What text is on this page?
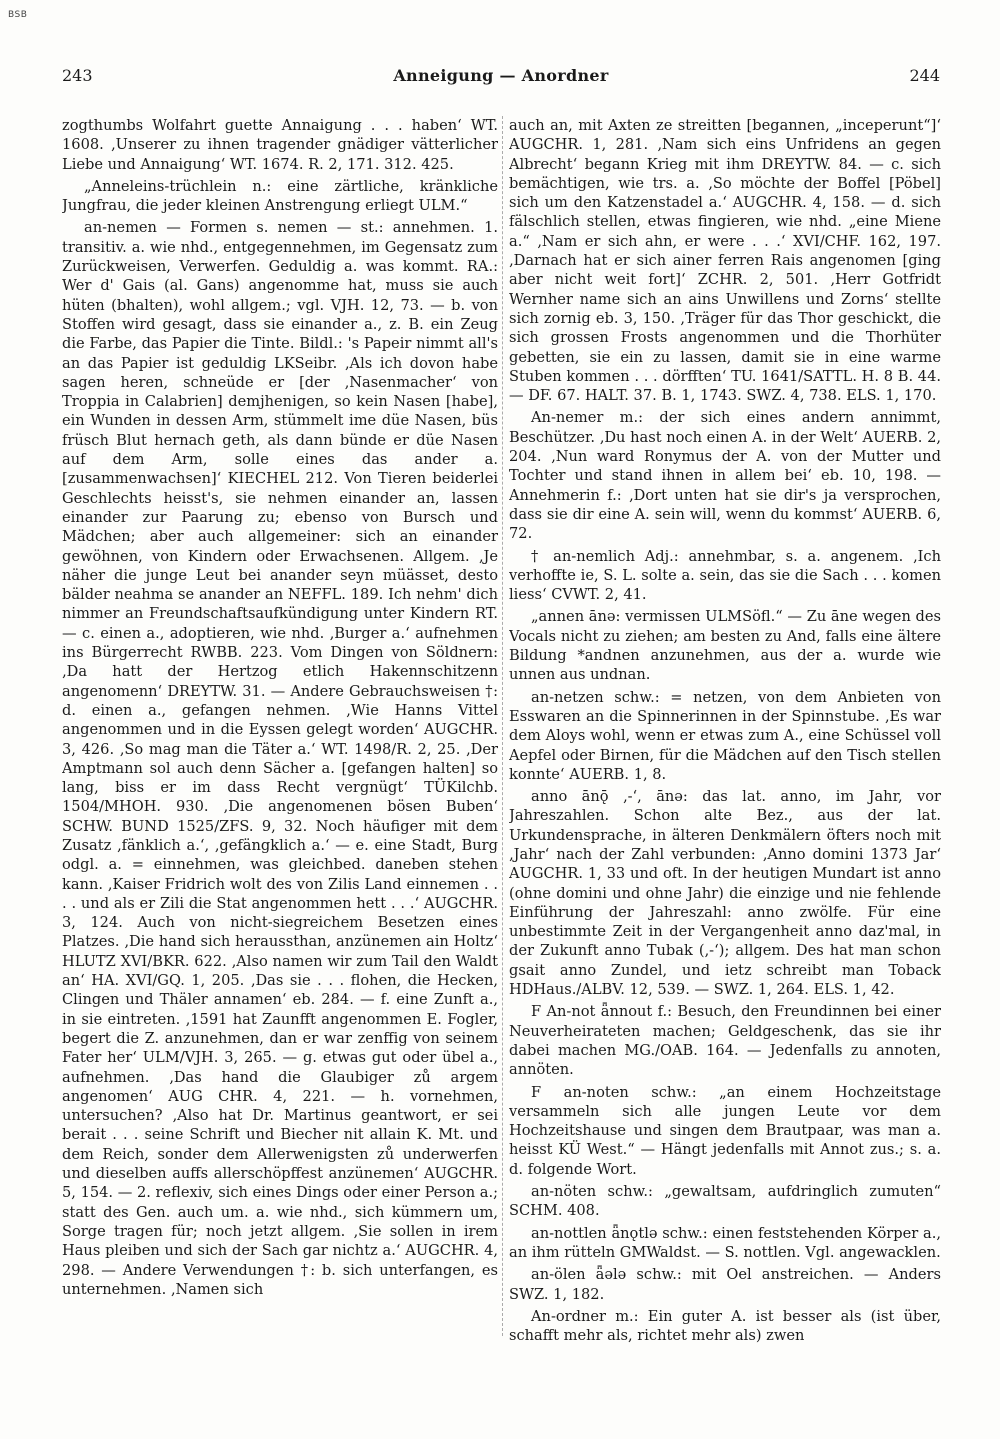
BSB
243	Anneigung — Anordner	244

zogthumbs Wolfahrt guette Annaigung . . . haben‘ WT. 1608. ‚Unserer zu ihnen tragender gnädiger vätterlicher Liebe und Annaigung‘ WT. 1674. R. 2, 171. 312. 425.

„Anneleins-trüchlein n.: eine zärtliche, kränkliche Jungfrau, die jeder kleinen Anstrengung erliegt ULM.“

an-nemen — Formen s. nemen — st.: annehmen. 1. transitiv. a. wie nhd., entgegennehmen, im Gegensatz zum Zurückweisen, Verwerfen. Geduldig a. was kommt. RA.: Wer d' Gais (al. Gans) angenomme hat, muss sie auch hüten (bhalten), wohl allgem.; vgl. VJH. 12, 73. — b. von Stoffen wird gesagt, dass sie einander a., z. B. ein Zeug die Farbe, das Papier die Tinte. Bildl.: 's Papeir nimmt all's an das Papier ist geduldig LKSeibr. ‚Als ich dovon habe sagen heren, schneüde er [der ‚Nasenmacher‘ von Troppia in Calabrien] demjhenigen, so kein Nasen [habe], ein Wunden in dessen Arm, stümmelt ime düe Nasen, büs früsch Blut hernach geth, als dann bünde er düe Nasen auf dem Arm, solle eines das ander a. [zusammenwachsen]‘ KIECHEL 212. Von Tieren beiderlei Geschlechts heisst's, sie nehmen einander an, lassen einander zur Paarung zu; ebenso von Bursch und Mädchen; aber auch allgemeiner: sich an einander gewöhnen, von Kindern oder Erwachsenen. Allgem. ‚Je näher die junge Leut bei anander seyn müässet, desto bälder neahma se anander an NEFFL. 189. Ich nehm' dich nimmer an Freundschaftsaufkündigung unter Kindern RT. — c. einen a., adoptieren, wie nhd. ‚Burger a.‘ aufnehmen ins Bürgerrecht RWBB. 223. Vom Dingen von Söldnern: ‚Da hatt der Hertzog etlich Hakennschitzenn angenomenn‘ DREYTW. 31. — Andere Gebrauchsweisen †: d. einen a., gefangen nehmen. ‚Wie Hanns Vittel angenommen und in die Eyssen gelegt worden‘ AUGCHR. 3, 426. ‚So mag man die Täter a.‘ WT. 1498/R. 2, 25. ‚Der Amptmann sol auch denn Sächer a. [gefangen halten] so lang, biss er im dass Recht vergnügt‘ TÜKilchb. 1504/MHOH. 930. ‚Die angenomenen bösen Buben‘ SCHW. BUND 1525/ZFS. 9, 32. Noch häufiger mit dem Zusatz ‚fänklich a.‘, ‚gefängklich a.‘ — e. eine Stadt, Burg odgl. a. = einnehmen, was gleichbed. daneben stehen kann. ‚Kaiser Fridrich wolt des von Zilis Land einnemen . . . . und als er Zili die Stat angenommen hett . . .‘ AUGCHR. 3, 124. Auch von nicht-siegreichem Besetzen eines Platzes. ‚Die hand sich heraussthan, anzünemen ain Holtz‘ HLUTZ XVI/BKR. 622. ‚Also namen wir zum Tail den Waldt an‘ HA. XVI/GQ. 1, 205. ‚Das sie . . . flohen, die Hecken, Clingen und Thäler annamen‘ eb. 284. — f. eine Zunft a., in sie eintreten. ‚1591 hat Zaunfft angenommen E. Fogler, begert die Z. anzunehmen, dan er war zenffig von seinem Fater her‘ ULM/VJH. 3, 265. — g. etwas gut oder übel a., aufnehmen. ‚Das hand die Glaubiger zů argem angenomen‘ AUG CHR. 4, 221. — h. vornehmen, untersuchen? ‚Also hat Dr. Martinus geantwort, er sei berait . . . seine Schrift und Biecher nit allain K. Mt. und dem Reich, sonder dem Allerwenigsten zů underwerfen und dieselben auffs allerschöpffest anzünemen‘ AUGCHR. 5, 154. — 2. reflexiv, sich eines Dings oder einer Person a.; statt des Gen. auch um. a. wie nhd., sich kümmern um, Sorge tragen für; noch jetzt allgem. ‚Sie sollen in irem Haus pleiben und sich der Sach gar nichtz a.‘ AUGCHR. 4, 298. — Andere Verwendungen †: b. sich unterfangen, es unternehmen. ‚Namen sich

auch an, mit Axten ze streitten [begannen, „inceperunt“]‘ AUGCHR. 1, 281. ‚Nam sich eins Unfridens an gegen Albrecht‘ begann Krieg mit ihm DREYTW. 84. — c. sich bemächtigen, wie trs. a. ‚So möchte der Boffel [Pöbel] sich um den Katzenstadel a.‘ AUGCHR. 4, 158. — d. sich fälschlich stellen, etwas fingieren, wie nhd. „eine Miene a.“ ‚Nam er sich ahn, er were . . .‘ XVI/CHF. 162, 197. ‚Darnach hat er sich ainer ferren Rais angenomen [ging aber nicht weit fort]‘ ZCHR. 2, 501. ‚Herr Gotfridt Wernher name sich an ains Unwillens und Zorns‘ stellte sich zornig eb. 3, 150. ‚Träger für das Thor geschickt, die sich grossen Frosts angenommen und die Thorhüter gebetten, sie ein zu lassen, damit sie in eine warme Stuben kommen . . . dörfften‘ TU. 1641/SATTL. H. 8 B. 44. — DF. 67. HALT. 37. B. 1, 1743. SWZ. 4, 738. ELS. 1, 170.

An-nemer m.: der sich eines andern annimmt, Beschützer. ‚Du hast noch einen A. in der Welt‘ AUERB. 2, 204. ‚Nun ward Ronymus der A. von der Mutter und Tochter und stand ihnen in allem bei‘ eb. 10, 198. — Annehmerin f.: ‚Dort unten hat sie dir's ja versprochen, dass sie dir eine A. sein will, wenn du kommst‘ AUERB. 6, 72.

† an-nemlich Adj.: annehmbar, s. a. angenem. ‚Ich verhoffte ie, S. L. solte a. sein, das sie die Sach . . . komen liess‘ CVWT. 2, 41.

„annen ānə: vermissen ULMSöfl.“ — Zu āne wegen des Vocals nicht zu ziehen; am besten zu And, falls eine ältere Bildung *andnen anzunehmen, aus der a. wurde wie unnen aus undnan.

an-netzen schw.: = netzen, von dem Anbieten von Esswaren an die Spinnerinnen in der Spinnstube. ‚Es war dem Aloys wohl, wenn er etwas zum A., eine Schüssel voll Aepfel oder Birnen, für die Mädchen auf den Tisch stellen konnte‘ AUERB. 1, 8.

anno ānǭ ‚-‘, ānə: das lat. anno, im Jahr, vor Jahreszahlen. Schon alte Bez., aus der lat. Urkundensprache, in älteren Denkmälern öfters noch mit ‚Jahr‘ nach der Zahl verbunden: ‚Anno domini 1373 Jar‘ AUGCHR. 1, 33 und oft. In der heutigen Mundart ist anno (ohne domini und ohne Jahr) die einzige und nie fehlende Einführung der Jahreszahl: anno zwölfe. Für eine unbestimmte Zeit in der Vergangenheit anno daz'mal, in der Zukunft anno Tubak (‚-‘); allgem. Des hat man schon gsait anno Zundel, und ietz schreibt man Toback HDHaus./ALBV. 12, 539. — SWZ. 1, 264. ELS. 1, 42.

F An-not ǟnnout f.: Besuch, den Freundinnen bei einer Neuverheirateten machen; Geldgeschenk, das sie ihr dabei machen MG./OAB. 164. — Jedenfalls zu annoten, annöten.

F an-noten schw.: „an einem Hochzeitstage versammeln sich alle jungen Leute vor dem Hochzeitshause und singen dem Brautpaar, was man a. heisst KÜ West.“ — Hängt jedenfalls mit Annot zus.; s. a. d. folgende Wort.

an-nöten schw.: „gewaltsam, aufdringlich zumuten“ SCHM. 408.

an-nottlen ǟnǫtlə schw.: einen feststehenden Körper a., an ihm rütteln GMWaldst. — S. nottlen. Vgl. angewacklen.

an-ölen ǟələ schw.: mit Oel anstreichen. — Anders SWZ. 1, 182.

An-ordner m.: Ein guter A. ist besser als (ist über, schafft mehr als, richtet mehr als) zwen
